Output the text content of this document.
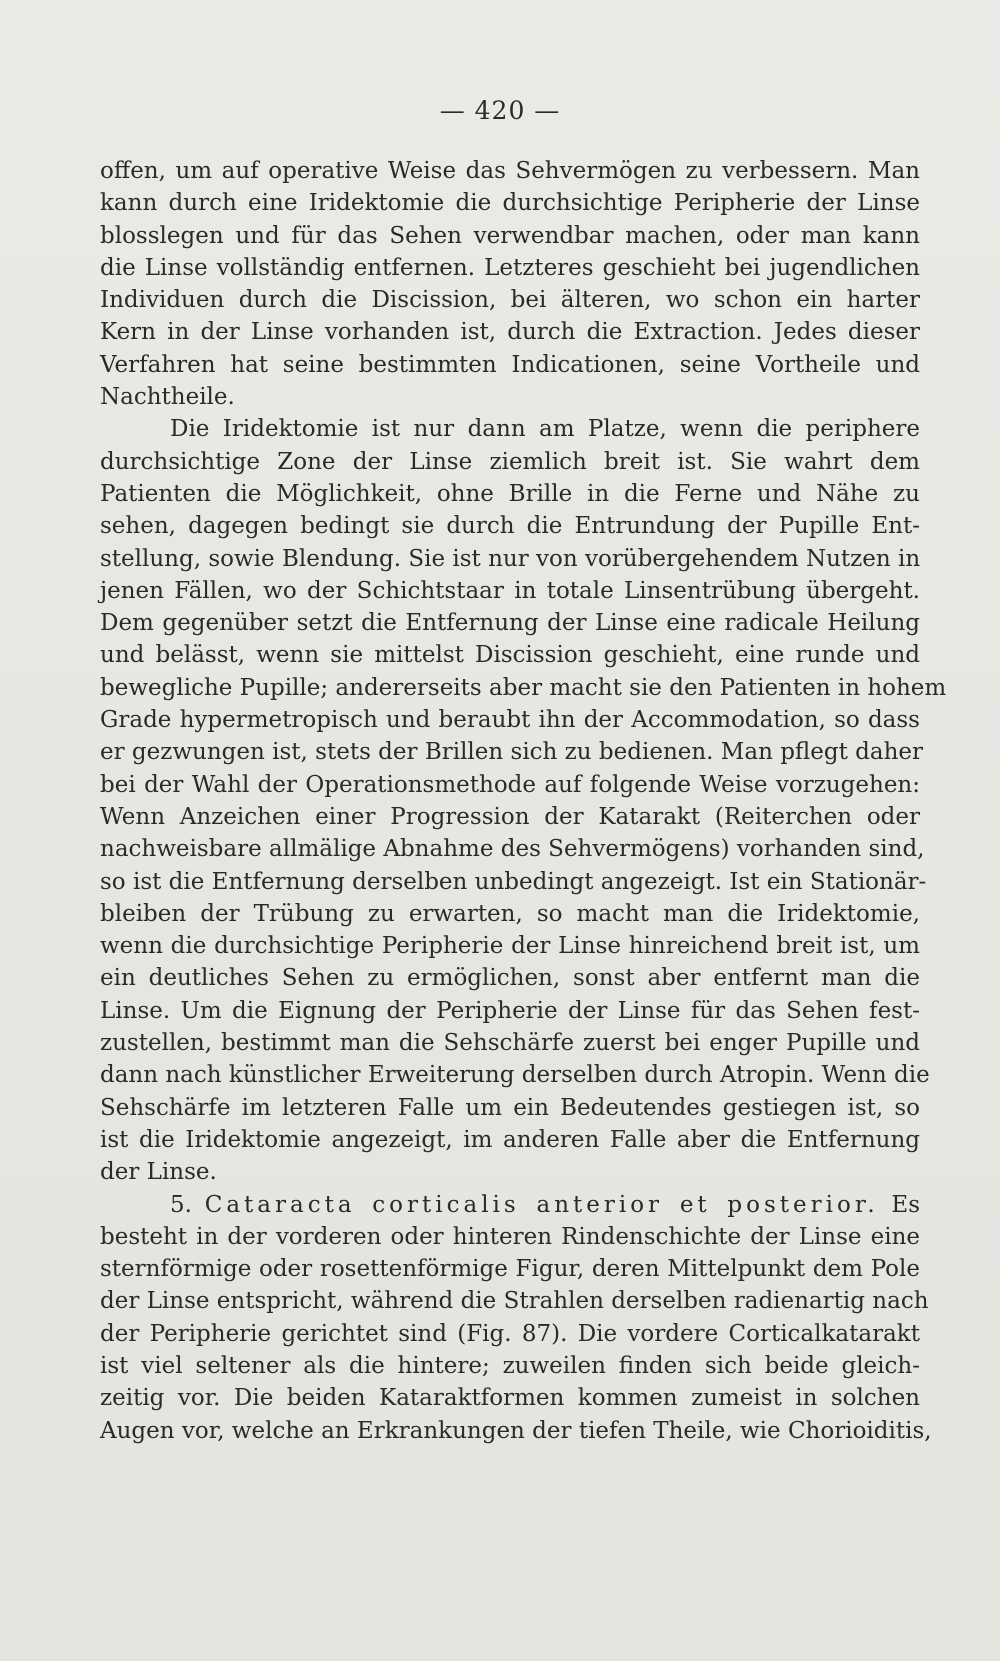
— 420 —
offen, um auf operative Weise das Sehvermögen zu verbessern. Man
kann durch eine Iridektomie die durchsichtige Peripherie der Linse
blosslegen und für das Sehen verwendbar machen, oder man kann
die Linse vollständig entfernen. Letzteres geschieht bei jugendlichen
Individuen durch die Discission, bei älteren, wo schon ein harter
Kern in der Linse vorhanden ist, durch die Extraction. Jedes dieser
Verfahren hat seine bestimmten Indicationen, seine Vortheile und
Nachtheile.
Die Iridektomie ist nur dann am Platze, wenn die periphere
durchsichtige Zone der Linse ziemlich breit ist. Sie wahrt dem
Patienten die Möglichkeit, ohne Brille in die Ferne und Nähe zu
sehen, dagegen bedingt sie durch die Entrundung der Pupille Ent-
stellung, sowie Blendung. Sie ist nur von vorübergehendem Nutzen in
jenen Fällen, wo der Schichtstaar in totale Linsentrübung übergeht.
Dem gegenüber setzt die Entfernung der Linse eine radicale Heilung
und belässt, wenn sie mittelst Discission geschieht, eine runde und
bewegliche Pupille; andererseits aber macht sie den Patienten in hohem
Grade hypermetropisch und beraubt ihn der Accommodation, so dass
er gezwungen ist, stets der Brillen sich zu bedienen. Man pflegt daher
bei der Wahl der Operationsmethode auf folgende Weise vorzugehen:
Wenn Anzeichen einer Progression der Katarakt (Reiterchen oder
nachweisbare allmälige Abnahme des Sehvermögens) vorhanden sind,
so ist die Entfernung derselben unbedingt angezeigt. Ist ein Stationär-
bleiben der Trübung zu erwarten, so macht man die Iridektomie,
wenn die durchsichtige Peripherie der Linse hinreichend breit ist, um
ein deutliches Sehen zu ermöglichen, sonst aber entfernt man die
Linse. Um die Eignung der Peripherie der Linse für das Sehen fest-
zustellen, bestimmt man die Sehschärfe zuerst bei enger Pupille und
dann nach künstlicher Erweiterung derselben durch Atropin. Wenn die
Sehschärfe im letzteren Falle um ein Bedeutendes gestiegen ist, so
ist die Iridektomie angezeigt, im anderen Falle aber die Entfernung
der Linse.
5. Cataracta corticalis anterior et posterior. Es
besteht in der vorderen oder hinteren Rindenschichte der Linse eine
sternförmige oder rosettenförmige Figur, deren Mittelpunkt dem Pole
der Linse entspricht, während die Strahlen derselben radienartig nach
der Peripherie gerichtet sind (Fig. 87). Die vordere Corticalkatarakt
ist viel seltener als die hintere; zuweilen finden sich beide gleich-
zeitig vor. Die beiden Kataraktformen kommen zumeist in solchen
Augen vor, welche an Erkrankungen der tiefen Theile, wie Chorioiditis,
